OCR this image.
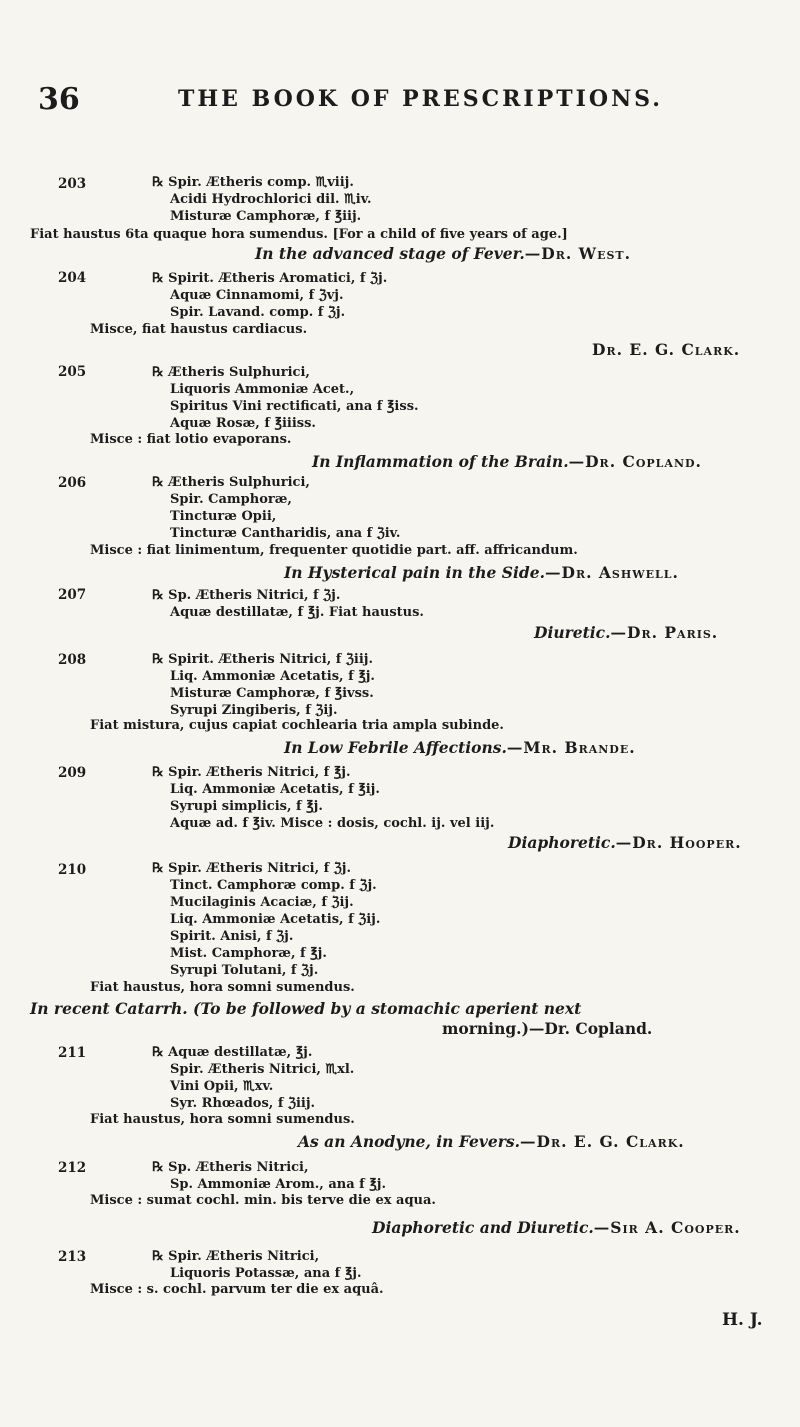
36	THE BOOK OF PRESCRIPTIONS.
203	℞ Spir. Ætheris comp. ♏︎viij.
Acidi Hydrochlorici dil. ♏︎iv.
Misturæ Camphoræ, f ℥iij.
Fiat haustus 6ta quaque hora sumendus. [For a child of five years of age.]
In the advanced stage of Fever.—Dr. West.
204	℞ Spirit. Ætheris Aromatici, f ℨj.
Aquæ Cinnamomi, f ℨvj.
Spir. Lavand. comp. f ℨj.
Misce, fiat haustus cardiacus.
Dr. E. G. Clark.
205	℞ Ætheris Sulphurici,
Liquoris Ammoniæ Acet.,
Spiritus Vini rectificati, ana f ℥iss.
Aquæ Rosæ, f ℥iiiss.
Misce : fiat lotio evaporans.
In Inflammation of the Brain.—Dr. Copland.
206	℞ Ætheris Sulphurici,
Spir. Camphoræ,
Tincturæ Opii,
Tincturæ Cantharidis, ana f ℨiv.
Misce : fiat linimentum, frequenter quotidie part. aff. affricandum.
In Hysterical pain in the Side.—Dr. Ashwell.
207	℞ Sp. Ætheris Nitrici, f ℨj.
Aquæ destillatæ, f ℥j. Fiat haustus.
Diuretic.—Dr. Paris.
208	℞ Spirit. Ætheris Nitrici, f ℨiij.
Liq. Ammoniæ Acetatis, f ℥j.
Misturæ Camphoræ, f ℥ivss.
Syrupi Zingiberis, f ℨij.
Fiat mistura, cujus capiat cochlearia tria ampla subinde.
In Low Febrile Affections.—Mr. Brande.
209	℞ Spir. Ætheris Nitrici, f ℥j.
Liq. Ammoniæ Acetatis, f ℥ij.
Syrupi simplicis, f ℥j.
Aquæ ad. f ℥iv. Misce : dosis, cochl. ij. vel iij.
Diaphoretic.—Dr. Hooper.
210	℞ Spir. Ætheris Nitrici, f ℨj.
Tinct. Camphoræ comp. f ℨj.
Mucilaginis Acaciæ, f ℨij.
Liq. Ammoniæ Acetatis, f ℨij.
Spirit. Anisi, f ℨj.
Mist. Camphoræ, f ℥j.
Syrupi Tolutani, f ℨj.
Fiat haustus, hora somni sumendus.
In recent Catarrh. (To be followed by a stomachic aperient next
morning.)—Dr. Copland.
211	℞ Aquæ destillatæ, ℥j.
Spir. Ætheris Nitrici, ♏︎xl.
Vini Opii, ♏︎xv.
Syr. Rhœados, f ℨiij.
Fiat haustus, hora somni sumendus.
As an Anodyne, in Fevers.—Dr. E. G. Clark.
212	℞ Sp. Ætheris Nitrici,
Sp. Ammoniæ Arom., ana f ℥j.
Misce : sumat cochl. min. bis terve die ex aqua.
Diaphoretic and Diuretic.—Sir A. Cooper.
213	℞ Spir. Ætheris Nitrici,
Liquoris Potassæ, ana f ℥j.
Misce : s. cochl. parvum ter die ex aquâ.
H. J.
